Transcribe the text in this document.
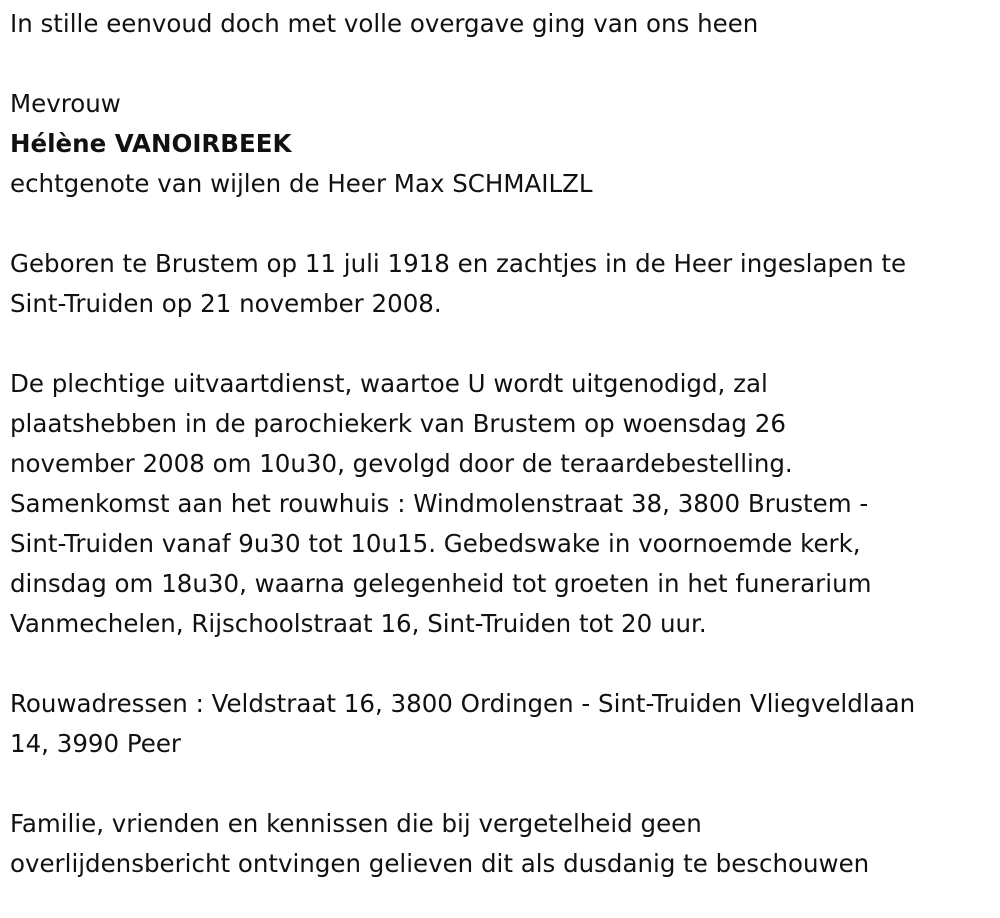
In stille eenvoud doch met volle overgave ging van ons heen
Mevrouw
Hélène VANOIRBEEK
echtgenote van wijlen de Heer Max SCHMAILZL
Geboren te Brustem op 11 juli 1918 en zachtjes in de Heer ingeslapen te
Sint-Truiden op 21 november 2008.
De plechtige uitvaartdienst, waartoe U wordt uitgenodigd, zal
plaatshebben in de parochiekerk van Brustem op woensdag 26
november 2008 om 10u30, gevolgd door de teraardebestelling.
Samenkomst aan het rouwhuis : Windmolenstraat 38, 3800 Brustem -
Sint-Truiden vanaf 9u30 tot 10u15. Gebedswake in voornoemde kerk,
dinsdag om 18u30, waarna gelegenheid tot groeten in het funerarium
Vanmechelen, Rijschoolstraat 16, Sint-Truiden tot 20 uur.
Rouwadressen : Veldstraat 16, 3800 Ordingen - Sint-Truiden Vliegveldlaan
14, 3990 Peer
Familie, vrienden en kennissen die bij vergetelheid geen
overlijdensbericht ontvingen gelieven dit als dusdanig te beschouwen
